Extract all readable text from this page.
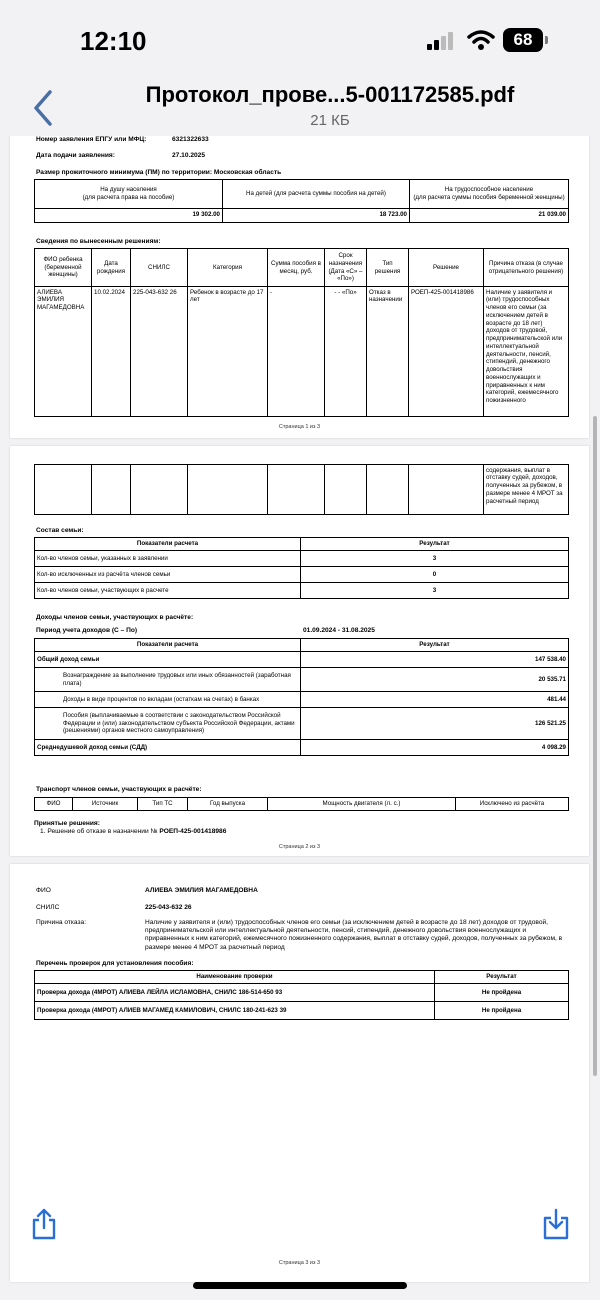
12:10	68
Протокол_прове...5-001172585.pdf
21 КБ
Номер заявления ЕПГУ или МФЦ:	6321322633
Дата подачи заявления:	27.10.2025
Размер прожиточного минимума (ПМ) по территории: Московская область
На душу населения
(для расчета права на пособие)	На детей (для расчета суммы пособия на детей)	На трудоспособное население
(для расчета суммы пособия беременной женщины)
19 302.00	18 723.00	21 039.00
Сведения по вынесенным решениям:
ФИО ребенка (беременной женщины)	Дата рождения	СНИЛС	Категория	Сумма пособия в месяц, руб.	Срок назначения (Дата «С» – «По»)	Тип решения	Решение	Причина отказа (в случае отрицательного решения)
АЛИЕВА ЭМИЛИЯ МАГАМЕДОВНА	10.02.2024	225-043-632 26	Ребенок в возрасте до 17 лет	-	- - «По»	Отказ в назначении	РОЕП-425-001418986	Наличие у заявителя и (или) трудоспособных членов его семьи (за исключением детей в возрасте до 18 лет) доходов от трудовой, предпринимательской или интеллектуальной деятельности, пенсий, стипендий, денежного довольствия военнослужащих и приравненных к ним категорий, ежемесячного пожизненного
Страница 1 из 3
								содержания, выплат в отставку судей, доходов, полученных за рубежом, в размере менее 4 МРОТ за расчетный период
Состав семьи:
Показатели расчета	Результат
Кол-во членов семьи, указанных в заявлении	3
Кол-во исключенных из расчёта членов семьи	0
Кол-во членов семьи, участвующих в расчете	3
Доходы членов семьи, участвующих в расчёте:
Период учета доходов (С – По)	01.09.2024 - 31.08.2025
Показатели расчета	Результат
Общий доход семьи	147 538.40
Вознаграждение за выполнение трудовых или иных обязанностей (заработная плата)	20 535.71
Доходы в виде процентов по вкладам (остаткам на счетах) в банках	481.44
Пособия (выплачиваемые в соответствии с законодательством Российской Федерации и (или) законодательством субъекта Российской Федерации, актами (решениями) органов местного самоуправления)	126 521.25
Среднедушевой доход семьи (СДД)	4 098.29
Транспорт членов семьи, участвующих в расчёте:
ФИО	Источник	Тип ТС	Год выпуска	Мощность двигателя (л. с.)	Исключено из расчёта
Принятые решения:
1. Решение об отказе в назначении № РОЕП-425-001418986
Страница 2 из 3
ФИО	АЛИЕВА ЭМИЛИЯ МАГАМЕДОВНА
СНИЛС	225-043-632 26
Причина отказа:	Наличие у заявителя и (или) трудоспособных членов его семьи (за исключением детей в возрасте до 18 лет) доходов от трудовой, предпринимательской или интеллектуальной деятельности, пенсий, стипендий, денежного довольствия военнослужащих и приравненных к ним категорий, ежемесячного пожизненного содержания, выплат в отставку судей, доходов, полученных за рубежом, в размере менее 4 МРОТ за расчетный период
Перечень проверок для установления пособия:
Наименование проверки	Результат
Проверка дохода (4МРОТ) АЛИЕВА ЛЕЙЛА ИСЛАМОВНА, СНИЛС 186-514-650 93	Не пройдена
Проверка дохода (4МРОТ) АЛИЕВ МАГАМЕД КАМИЛОВИЧ, СНИЛС 180-241-623 39	Не пройдена
Страница 3 из 3
